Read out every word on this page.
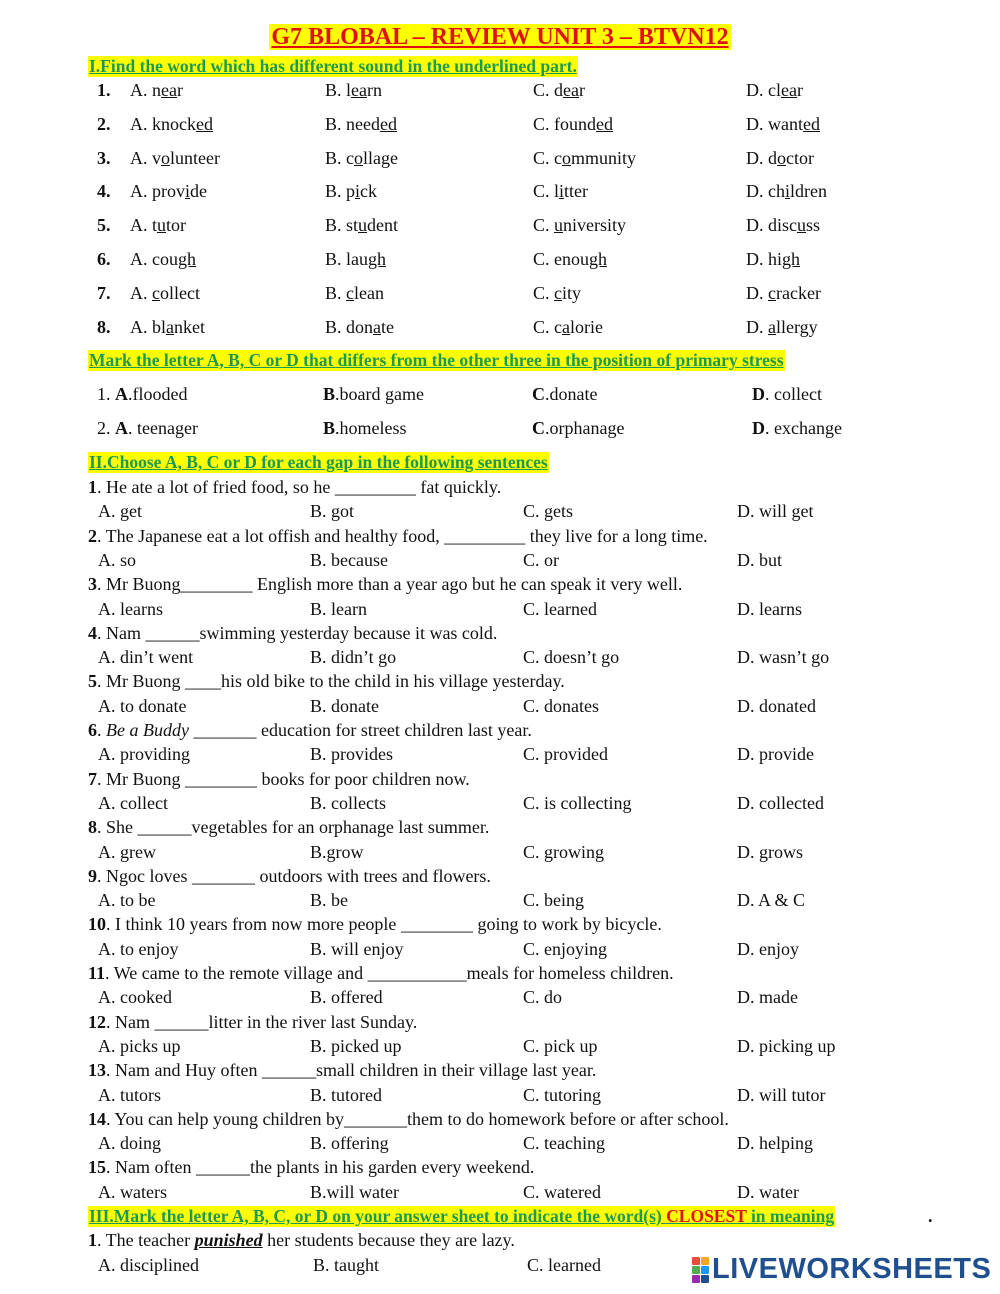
G7 BLOBAL – REVIEW UNIT 3 – BTVN12
I.Find the word which has different sound in the underlined part.
1. A. near	B. learn	C. dear	D. clear
2. A. knocked	B. needed	C. founded	D. wanted
3. A. volunteer	B. collage	C. community	D. doctor
4. A. provide	B. pick	C. litter	D. children
5. A. tutor	B. student	C. university	D. discuss
6. A. cough	B. laugh	C. enough	D. high
7. A. collect	B. clean	C. city	D. cracker
8. A. blanket	B. donate	C. calorie	D. allergy
Mark the letter A, B, C or D that differs from the other three in the position of primary stress
1. A.flooded	B.board game	C.donate	D. collect
2. A. teenager	B.homeless	C.orphanage	D. exchange
II.Choose A, B, C or D for each gap in the following sentences
1. He ate a lot of fried food, so he _________ fat quickly.
A. get	B. got	C. gets	D. will get
2. The Japanese eat a lot offish and healthy food, _________ they live for a long time.
A. so	B. because	C. or	D. but
3. Mr Buong________ English more than a year ago but he can speak it very well.
A. learns	B. learn	C. learned	D. learns
4. Nam ______swimming yesterday because it was cold.
A. din’t went	B. didn’t go	C. doesn’t go	D. wasn’t go
5. Mr Buong ____his old bike to the child in his village yesterday.
A. to donate	B. donate	C. donates	D. donated
6. Be a Buddy _______ education for street children last year.
A. providing	B. provides	C. provided	D. provide
7. Mr Buong ________ books for poor children now.
A. collect	B. collects	C. is collecting	D. collected
8. She ______vegetables for an orphanage last summer.
A. grew	B.grow	C. growing	D. grows
9. Ngoc loves _______ outdoors with trees and flowers.
A. to be	B. be	C. being	D. A & C
10. I think 10 years from now more people ________ going to work by bicycle.
A. to enjoy	B. will enjoy	C. enjoying	D. enjoy
11. We came to the remote village and ___________meals for homeless children.
A. cooked	B. offered	C. do	D. made
12. Nam ______litter in the river last Sunday.
A. picks up	B. picked up	C. pick up	D. picking up
13. Nam and Huy often ______small children in their village last year.
A. tutors	B. tutored	C. tutoring	D. will tutor
14. You can help young children by_______them to do homework before or after school.
A. doing	B. offering	C. teaching	D. helping
15. Nam often ______the plants in his garden every weekend.
A. waters	B.will water	C. watered	D. water
III.Mark the letter A, B, C, or D on your answer sheet to indicate the word(s) CLOSEST in meaning	.
1. The teacher punished her students because they are lazy.
A. disciplined	B. taught	C. learned	LIVEWORKSHEETS
